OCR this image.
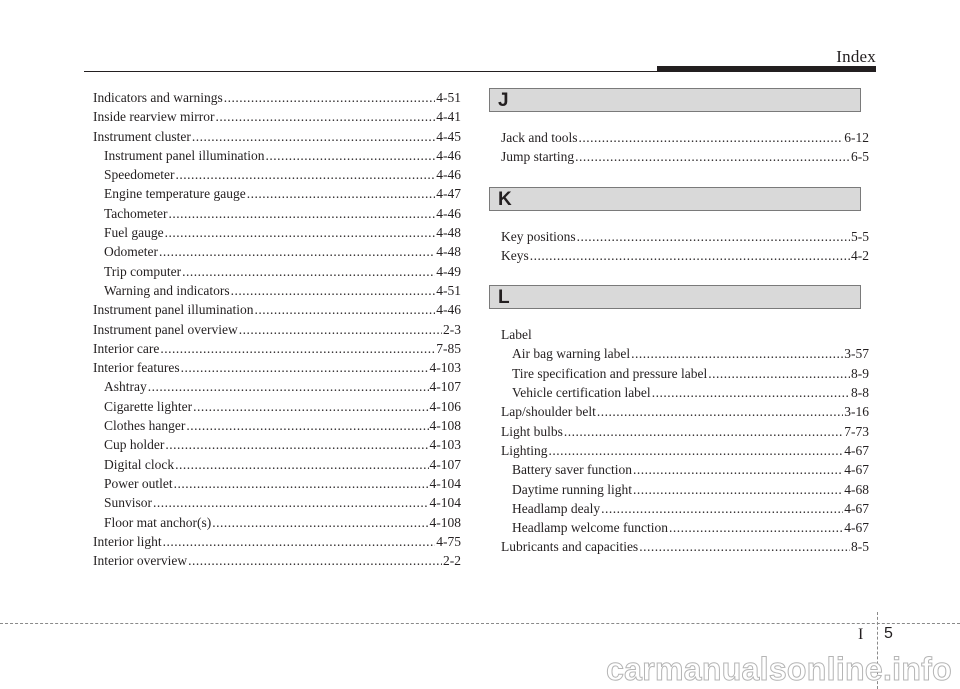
Index
Indicators and warnings .....	4-51
Inside rearview mirror .....	4-41
Instrument cluster .....	4-45
Instrument panel illumination .....	4-46
Speedometer .....	4-46
Engine temperature gauge .....	4-47
Tachometer .....	4-46
Fuel gauge .....	4-48
Odometer .....	4-48
Trip computer .....	4-49
Warning and indicators .....	4-51
Instrument panel illumination .....	4-46
Instrument panel overview .....	2-3
Interior care .....	7-85
Interior features .....	4-103
Ashtray .....	4-107
Cigarette lighter .....	4-106
Clothes hanger .....	4-108
Cup holder .....	4-103
Digital clock .....	4-107
Power outlet .....	4-104
Sunvisor .....	4-104
Floor mat anchor(s) .....	4-108
Interior light .....	4-75
Interior overview .....	2-2
J
Jack and tools .....	6-12
Jump starting .....	6-5
K
Key positions .....	5-5
Keys .....	4-2
L
Label
Air bag warning label .....	3-57
Tire specification and pressure label .....	8-9
Vehicle certification label .....	8-8
Lap/shoulder belt .....	3-16
Light bulbs .....	7-73
Lighting .....	4-67
Battery saver function .....	4-67
Daytime running light .....	4-68
Headlamp dealy .....	4-67
Headlamp welcome function .....	4-67
Lubricants and capacities .....	8-5
I 5
carmanualsonline.info
